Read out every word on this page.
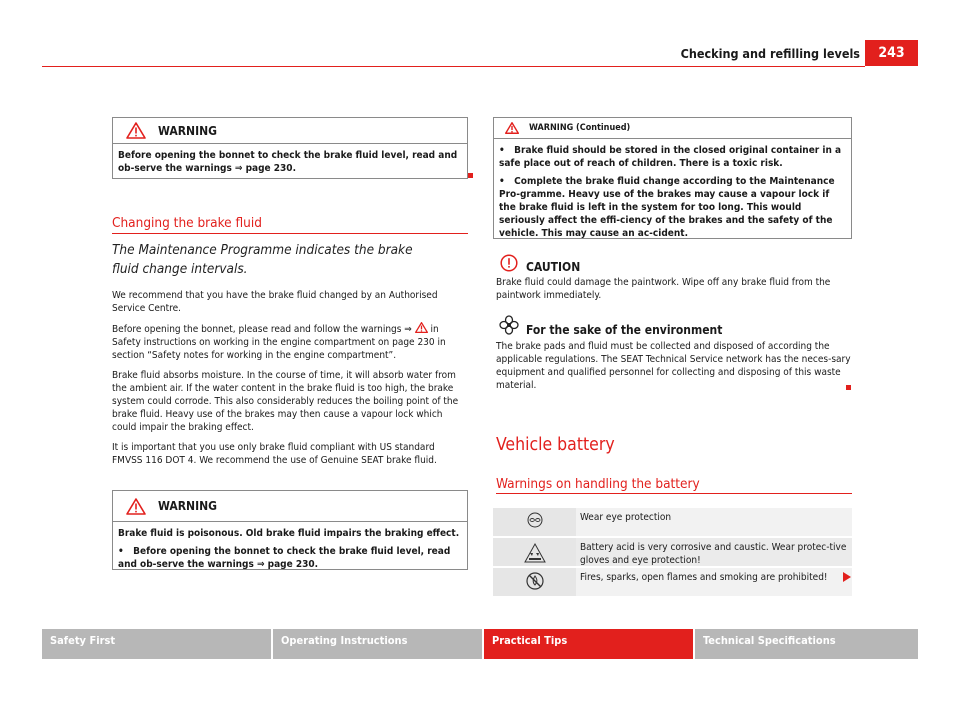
Checking and refilling levels	243
WARNING

Before opening the bonnet to check the brake fluid level, read and ob-serve the warnings ⇒ page 230.

Changing the brake fluid
The Maintenance Programme indicates the brake fluid change intervals.

We recommend that you have the brake fluid changed by an Authorised Service Centre.

Before opening the bonnet, please read and follow the warnings ⇒ in Safety instructions on working in the engine compartment on page 230 in section “Safety notes for working in the engine compartment”.

Brake fluid absorbs moisture. In the course of time, it will absorb water from the ambient air. If the water content in the brake fluid is too high, the brake system could corrode. This also considerably reduces the boiling point of the brake fluid. Heavy use of the brakes may then cause a vapour lock which could impair the braking effect.

It is important that you use only brake fluid compliant with US standard FMVSS 116 DOT 4. We recommend the use of Genuine SEAT brake fluid.

WARNING

Brake fluid is poisonous. Old brake fluid impairs the braking effect.

•   Before opening the bonnet to check the brake fluid level, read and ob-serve the warnings ⇒ page 230.

WARNING (Continued)

•   Brake fluid should be stored in the closed original container in a safe place out of reach of children. There is a toxic risk.

•   Complete the brake fluid change according to the Maintenance Pro-gramme. Heavy use of the brakes may cause a vapour lock if the brake fluid is left in the system for too long. This would seriously affect the effi-ciency of the brakes and the safety of the vehicle. This may cause an ac-cident.

CAUTION
Brake fluid could damage the paintwork. Wipe off any brake fluid from the paintwork immediately.
For the sake of the environment
The brake pads and fluid must be collected and disposed of according the applicable regulations. The SEAT Technical Service network has the neces-sary equipment and qualified personnel for collecting and disposing of this waste material.
Vehicle battery
Warnings on handling the battery
Wear eye protection
Battery acid is very corrosive and caustic. Wear protec-tive gloves and eye protection!
Fires, sparks, open flames and smoking are prohibited!
Safety First	Operating Instructions	Practical Tips	Technical Specifications
